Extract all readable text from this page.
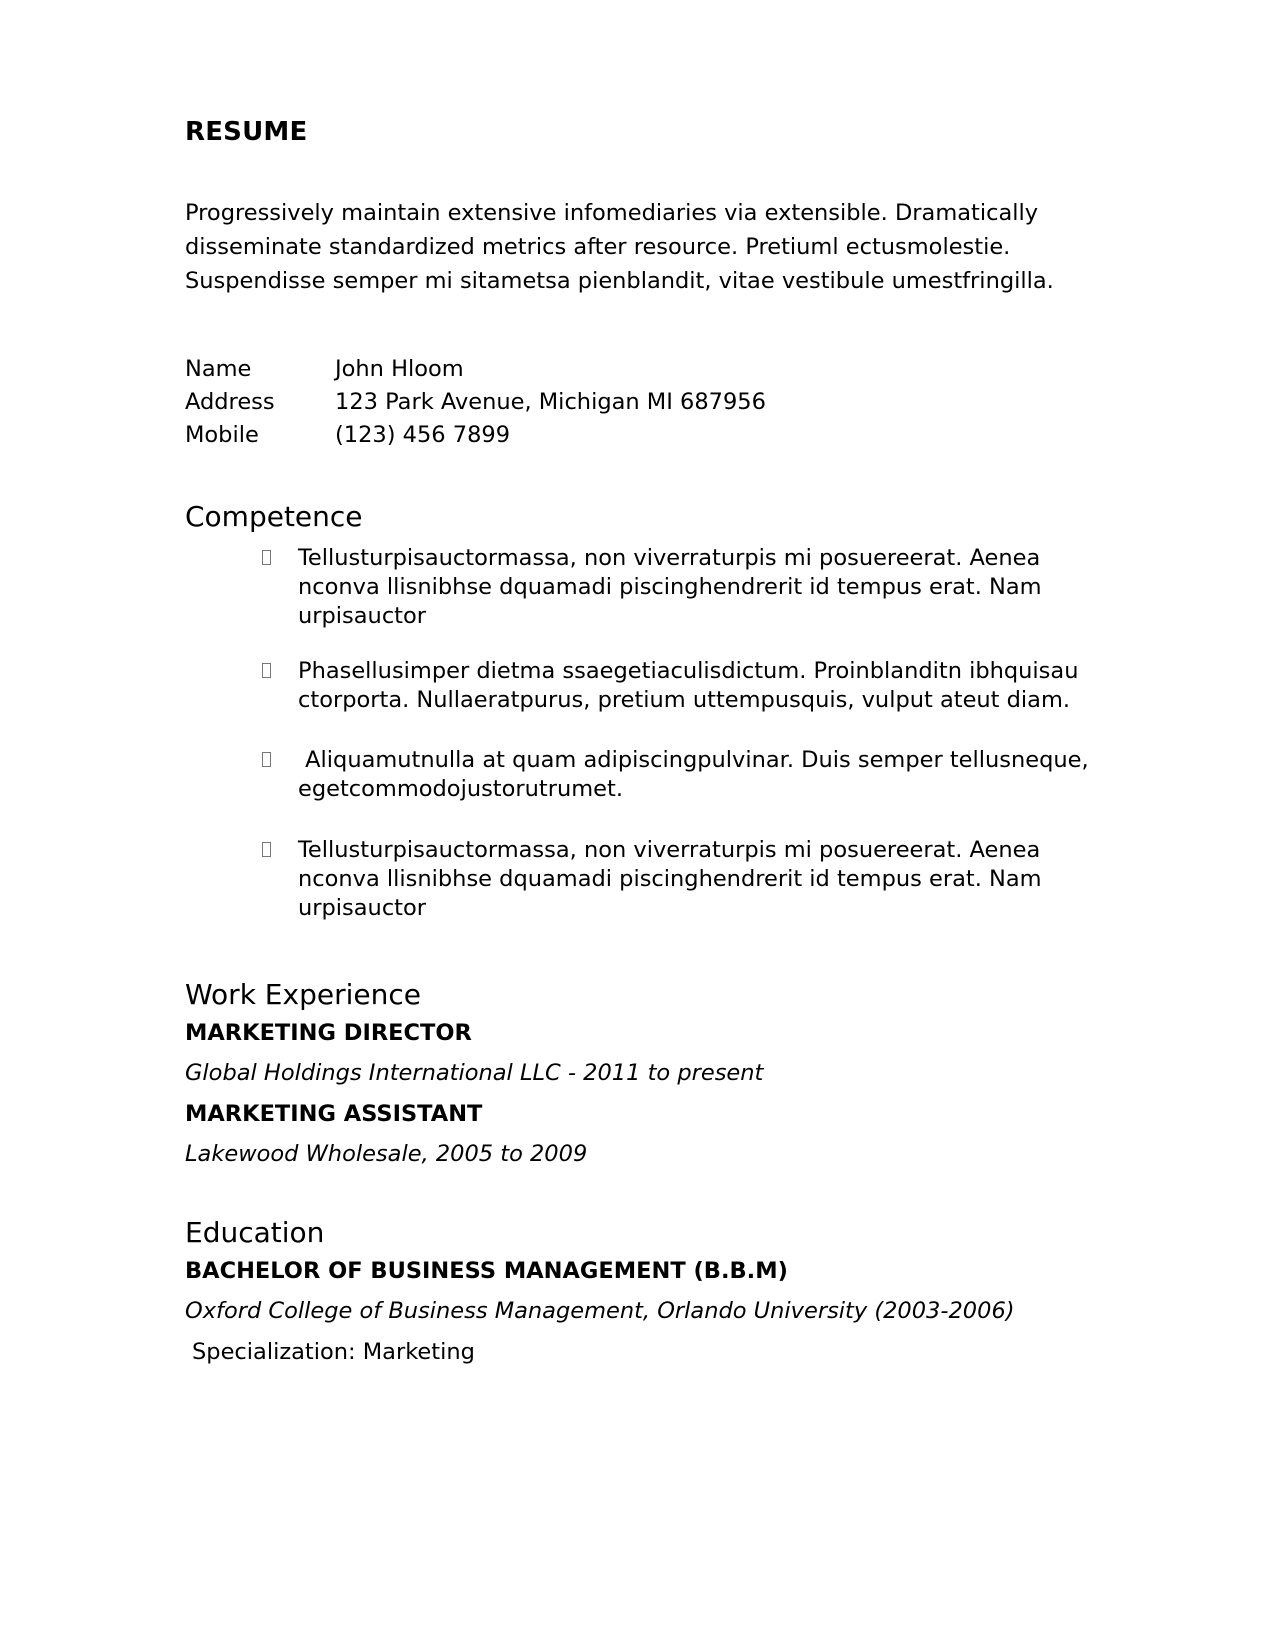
RESUME
Progressively maintain extensive infomediaries via extensible. Dramatically
disseminate standardized metrics after resource. Pretiuml ectusmolestie.
Suspendisse semper mi sitametsa pienblandit, vitae vestibule umestfringilla.
Name	John Hloom
Address	123 Park Avenue, Michigan MI 687956
Mobile	(123) 456 7899
Competence
Tellusturpisauctormassa, non viverraturpis mi posuereerat. Aenea
nconva llisnibhse dquamadi piscinghendrerit id tempus erat. Nam
urpisauctor
Phasellusimper dietma ssaegetiaculisdictum. Proinblanditn ibhquisau
ctorporta. Nullaeratpurus, pretium uttempusquis, vulput ateut diam.
Aliquamutnulla at quam adipiscingpulvinar. Duis semper tellusneque,
egetcommodojustorutrumet.
Tellusturpisauctormassa, non viverraturpis mi posuereerat. Aenea
nconva llisnibhse dquamadi piscinghendrerit id tempus erat. Nam
urpisauctor
Work Experience
MARKETING DIRECTOR
Global Holdings International LLC - 2011 to present
MARKETING ASSISTANT
Lakewood Wholesale, 2005 to 2009
Education
BACHELOR OF BUSINESS MANAGEMENT (B.B.M)
Oxford College of Business Management, Orlando University (2003-2006)
Specialization: Marketing
